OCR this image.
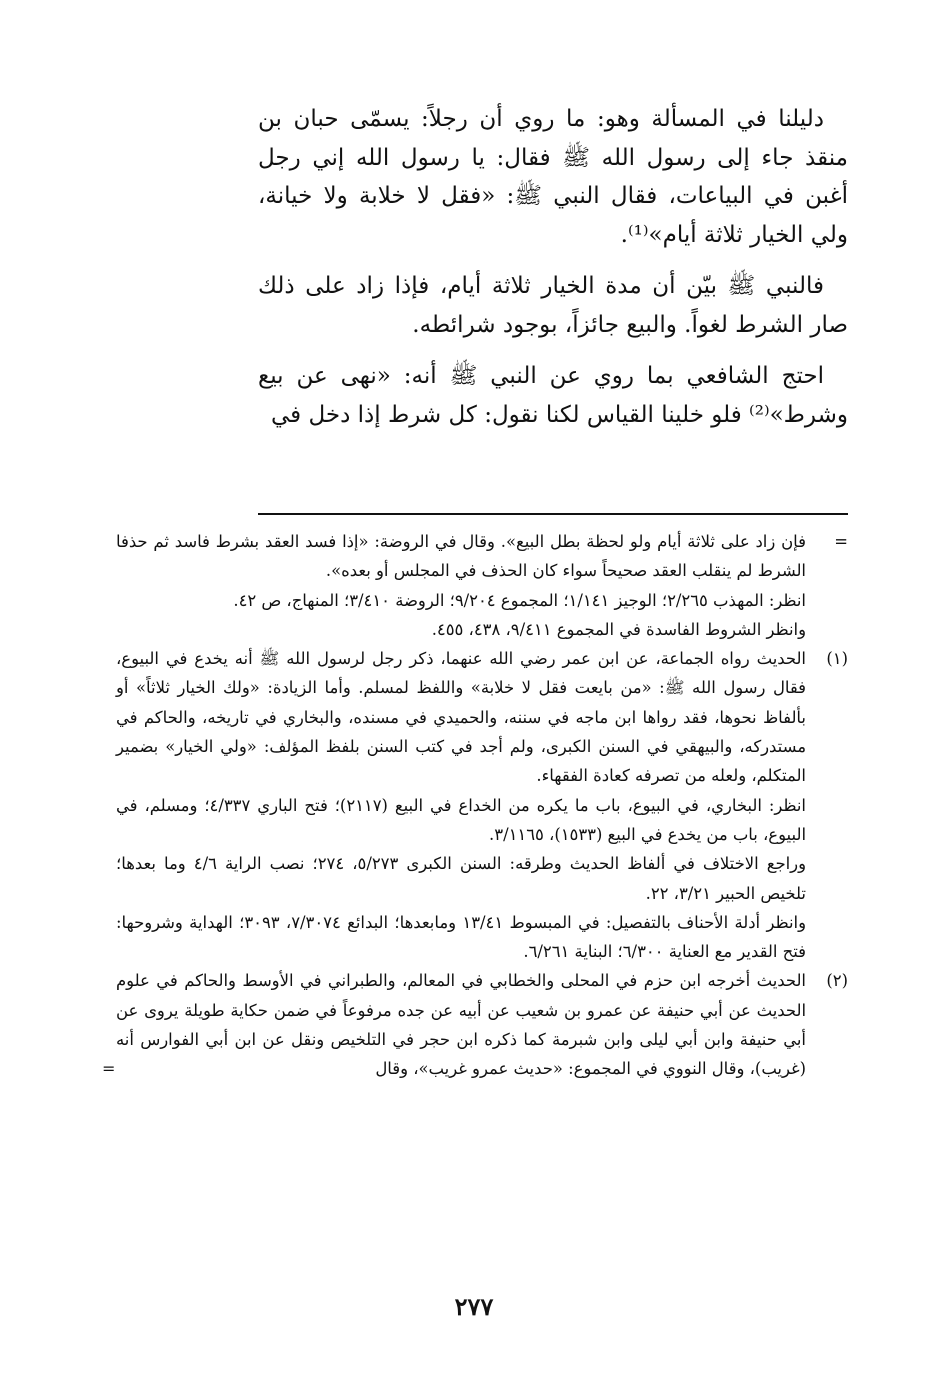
دليلنا في المسألة وهو: ما روي أن رجلاً: يسمّى حبان بن منقذ جاء إلى رسول الله ﷺ فقال: يا رسول الله إني رجل أغبن في البياعات، فقال النبي ﷺ: «فقل لا خلابة ولا خيانة، ولي الخيار ثلاثة أيام»⁽¹⁾.

فالنبي ﷺ بيّن أن مدة الخيار ثلاثة أيام، فإذا زاد على ذلك صار الشرط لغواً. والبيع جائزاً، بوجود شرائطه.

احتج الشافعي بما روي عن النبي ﷺ أنه: «نهى عن بيع وشرط»⁽²⁾ فلو خلينا القياس لكنا نقول: كل شرط إذا دخل في

=

فإن زاد على ثلاثة أيام ولو لحظة بطل البيع». وقال في الروضة: «إذا فسد العقد بشرط فاسد ثم حذفا الشرط لم ينقلب العقد صحيحاً سواء كان الحذف في المجلس أو بعده».

انظر: المهذب ٢/٢٦٥؛ الوجيز ١/١٤١؛ المجموع ٩/٢٠٤؛ الروضة ٣/٤١٠؛ المنهاج، ص ٤٢.

وانظر الشروط الفاسدة في المجموع ٩/٤١١، ٤٣٨، ٤٥٥.

(١)

الحديث رواه الجماعة، عن ابن عمر رضي الله عنهما، ذكر رجل لرسول الله ﷺ أنه يخدع في البيوع، فقال رسول الله ﷺ: «من بايعت فقل لا خلابة» واللفظ لمسلم. وأما الزيادة: «ولك الخيار ثلاثاً» أو بألفاظ نحوها، فقد رواها ابن ماجه في سننه، والحميدي في مسنده، والبخاري في تاريخه، والحاكم في مستدركه، والبيهقي في السنن الكبرى، ولم أجد في كتب السنن بلفظ المؤلف: «ولي الخيار» بضمير المتكلم، ولعله من تصرفه كعادة الفقهاء.

انظر: البخاري، في البيوع، باب ما يكره من الخداع في البيع (٢١١٧)؛ فتح الباري ٤/٣٣٧؛ ومسلم، في البيوع، باب من يخدع في البيع (١٥٣٣)، ٣/١١٦٥.

وراجع الاختلاف في ألفاظ الحديث وطرقه: السنن الكبرى ٥/٢٧٣، ٢٧٤؛ نصب الراية ٤/٦ وما بعدها؛ تلخيص الحبير ٣/٢١، ٢٢.

وانظر أدلة الأحناف بالتفصيل: في المبسوط ١٣/٤١ ومابعدها؛ البدائع ٧/٣٠٧٤، ٣٠٩٣؛ الهداية وشروحها: فتح القدير مع العناية ٦/٣٠٠؛ البناية ٦/٢٦١.

(٢)

الحديث أخرجه ابن حزم في المحلى والخطابي في المعالم، والطبراني في الأوسط والحاكم في علوم الحديث عن أبي حنيفة عن عمرو بن شعيب عن أبيه عن جده مرفوعاً في ضمن حكاية طويلة يروى عن أبي حنيفة وابن أبي ليلى وابن شبرمة كما ذكره ابن حجر في التلخيص ونقل عن ابن أبي الفوارس أنه (غريب)، وقال النووي في المجموع: «حديث عمرو غريب»، وقال

=
٢٧٧
